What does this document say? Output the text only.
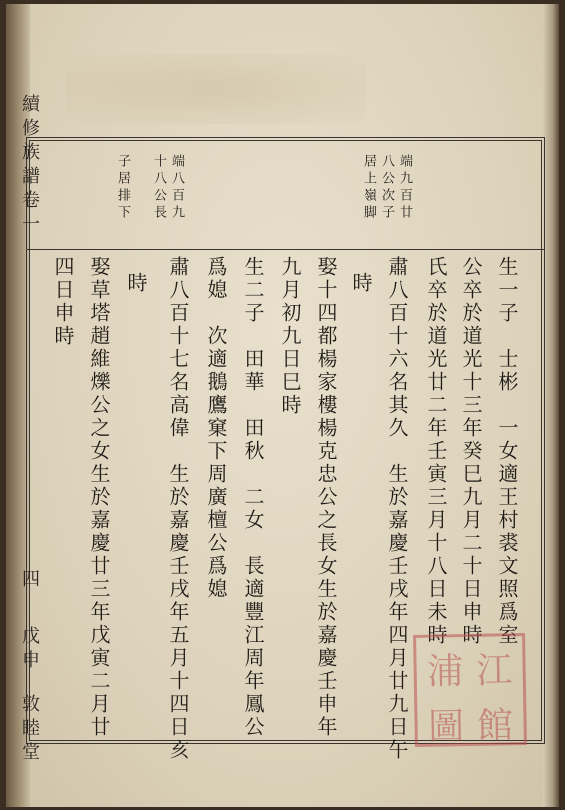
續修族譜卷一
四
戊申
敦睦堂
端九百廿
八公次子
居上嶺脚
端八百九
十八公長
子居排下
生一子　士彬　一女適王村裘文照爲室
公卒於道光十三年癸巳九月二十日申時
氏卒於道光廿二年壬寅三月十八日未時
肅八百十六名其久　生於嘉慶壬戌年四月廿九日午
時
娶十四都楊家樓楊克忠公之長女生於嘉慶壬申年
九月初九日巳時
生二子　田華　田秋　二女　長適豐江周年鳳公
爲媳　次適鵝鷹窠下周廣檀公爲媳
肅八百十七名高偉　生於嘉慶壬戌年五月十四日亥
時
娶草塔趙維爍公之女生於嘉慶廿三年戊寅二月廿
四日申時
浦 江
圖 館
